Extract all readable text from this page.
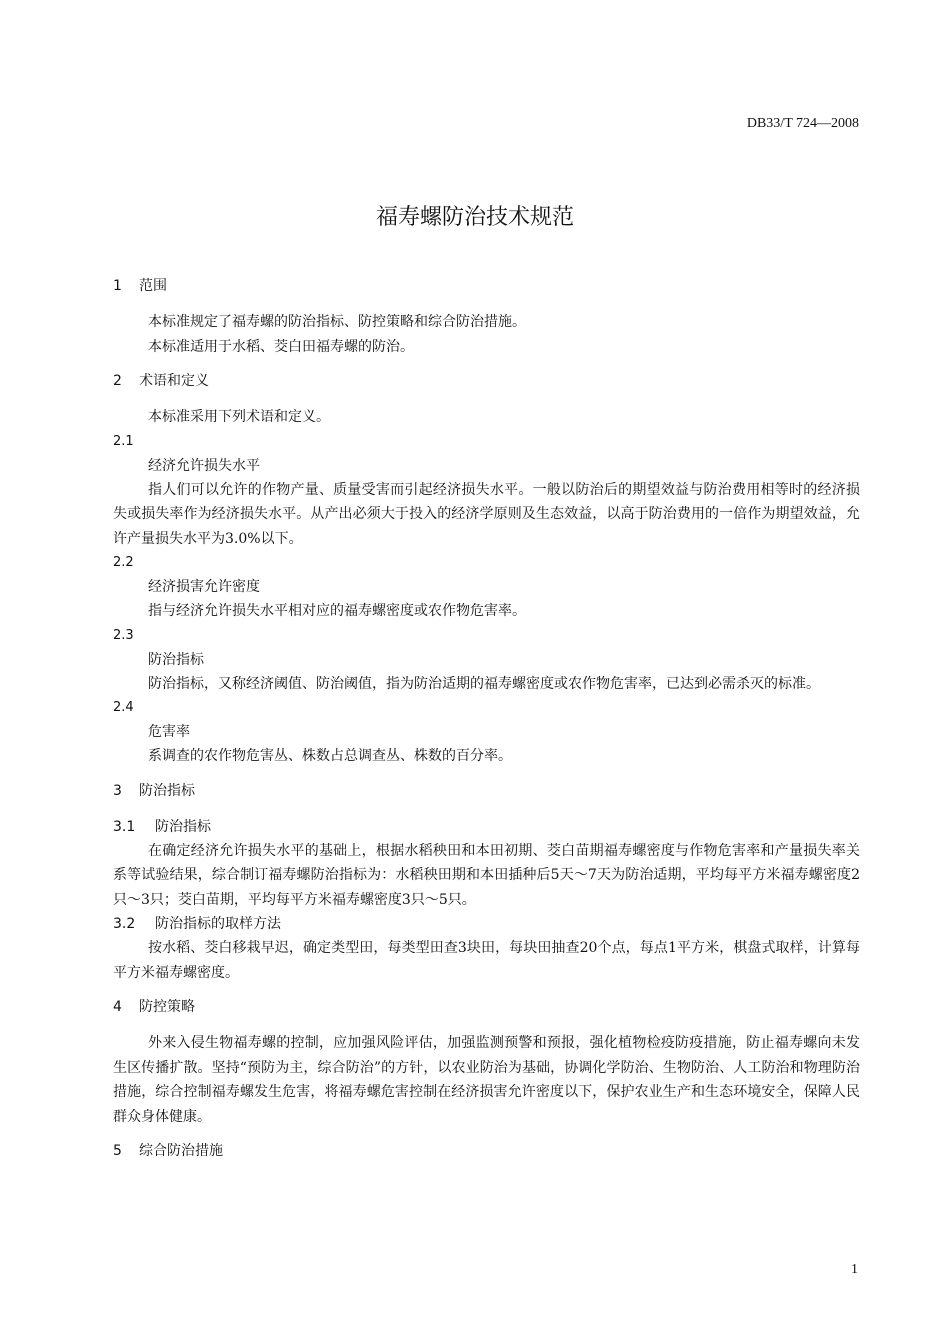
DB33/T 724—2008
福寿螺防治技术规范
1 范围

本标准规定了福寿螺的防治指标、防控策略和综合防治措施。

本标准适用于水稻、茭白田福寿螺的防治。

2 术语和定义

本标准采用下列术语和定义。

2.1
经济允许损失水平

指人们可以允许的作物产量、质量受害而引起经济损失水平。一般以防治后的期望效益与防治费用相等时的经济损失或损失率作为经济损失水平。从产出必须大于投入的经济学原则及生态效益，以高于防治费用的一倍作为期望效益，允许产量损失水平为3.0%以下。

2.2
经济损害允许密度

指与经济允许损失水平相对应的福寿螺密度或农作物危害率。

2.3
防治指标

防治指标，又称经济阈值、防治阈值，指为防治适期的福寿螺密度或农作物危害率，已达到必需杀灭的标准。

2.4
危害率

系调查的农作物危害丛、株数占总调查丛、株数的百分率。

3 防治指标
3.1 防治指标

在确定经济允许损失水平的基础上，根据水稻秧田和本田初期、茭白苗期福寿螺密度与作物危害率和产量损失率关系等试验结果，综合制订福寿螺防治指标为：水稻秧田期和本田插种后5天～7天为防治适期，平均每平方米福寿螺密度2只～3只；茭白苗期，平均每平方米福寿螺密度3只～5只。

3.2 防治指标的取样方法

按水稻、茭白移栽早迟，确定类型田，每类型田查3块田，每块田抽查20个点，每点1平方米，棋盘式取样，计算每平方米福寿螺密度。

4 防控策略

外来入侵生物福寿螺的控制，应加强风险评估，加强监测预警和预报，强化植物检疫防疫措施，防止福寿螺向未发生区传播扩散。坚持“预防为主，综合防治”的方针，以农业防治为基础，协调化学防治、生物防治、人工防治和物理防治措施，综合控制福寿螺发生危害，将福寿螺危害控制在经济损害允许密度以下，保护农业生产和生态环境安全，保障人民群众身体健康。

5 综合防治措施
1
